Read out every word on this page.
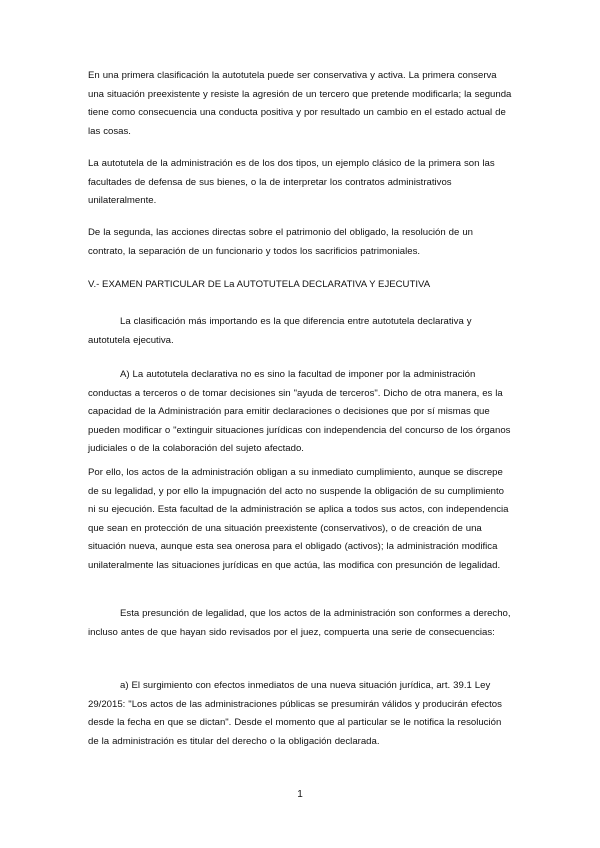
En una primera clasificación la autotutela puede ser conservativa y activa. La primera conserva una situación preexistente y resiste la agresión de un tercero que pretende modificarla; la segunda tiene como consecuencia una conducta positiva y por resultado un cambio en el estado actual de las cosas.

La autotutela de la administración es de los dos tipos, un ejemplo clásico de la primera son las facultades de defensa de sus bienes, o la de interpretar los contratos administrativos unilateralmente.

De la segunda, las acciones directas sobre el patrimonio del obligado, la resolución de un contrato, la separación de un funcionario y todos los sacrificios patrimoniales.

V.- EXAMEN PARTICULAR DE La AUTOTUTELA DECLARATIVA Y EJECUTIVA

La clasificación más importando es la que diferencia entre autotutela declarativa y autotutela ejecutiva.

A) La autotutela declarativa no es sino la facultad de imponer por la administración conductas a terceros o de tomar decisiones sin "ayuda de terceros". Dicho de otra manera, es la capacidad de la Administración para emitir declaraciones o decisiones que por sí mismas que pueden modificar o "extinguir situaciones jurídicas con independencia del concurso de los órganos judiciales o de la colaboración del sujeto afectado.

Por ello, los actos de la administración obligan a su inmediato cumplimiento, aunque se discrepe de su legalidad, y por ello la impugnación del acto no suspende la obligación de su cumplimiento ni su ejecución. Esta facultad de la administración se aplica a todos sus actos, con independencia que sean en protección de una situación preexistente (conservativos), o de creación de una situación nueva, aunque esta sea onerosa para el obligado (activos); la administración modifica unilateralmente las situaciones jurídicas en que actúa, las modifica con presunción de legalidad.

Esta presunción de legalidad, que los actos de la administración son conformes a derecho, incluso antes de que hayan sido revisados por el juez, compuerta una serie de consecuencias:

a) El surgimiento con efectos inmediatos de una nueva situación jurídica, art. 39.1 Ley 29/2015: "Los actos de las administraciones públicas se presumirán válidos y producirán efectos desde la fecha en que se dictan". Desde el momento que al particular se le notifica la resolución de la administración es titular del derecho o la obligación declarada.

1
